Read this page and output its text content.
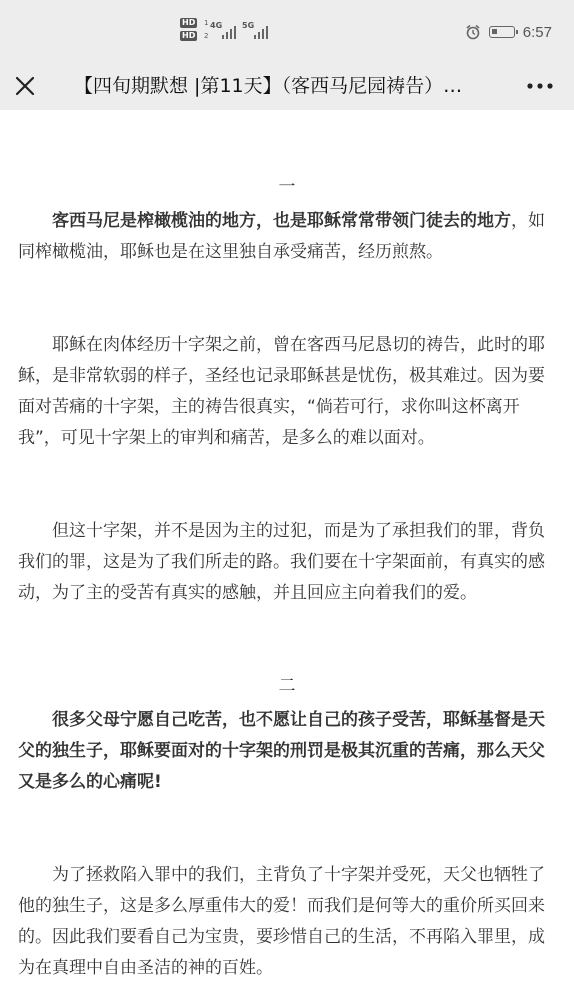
HD 1
HD 2
4G 5G	6:57
【四旬期默想 |第11天】（客西马尼园祷告）…

一

客西马尼是榨橄榄油的地方，也是耶稣常常带领门徒去的地方，如同榨橄榄油，耶稣也是在这里独自承受痛苦，经历煎熬。

耶稣在肉体经历十字架之前，曾在客西马尼恳切的祷告，此时的耶稣，是非常软弱的样子，圣经也记录耶稣甚是忧伤，极其难过。因为要面对苦痛的十字架，主的祷告很真实，“倘若可行，求你叫这杯离开我”，可见十字架上的审判和痛苦，是多么的难以面对。

但这十字架，并不是因为主的过犯，而是为了承担我们的罪，背负我们的罪，这是为了我们所走的路。我们要在十字架面前，有真实的感动，为了主的受苦有真实的感触，并且回应主向着我们的爱。

二

很多父母宁愿自己吃苦，也不愿让自己的孩子受苦，耶稣基督是天父的独生子，耶稣要面对的十字架的刑罚是极其沉重的苦痛，那么天父又是多么的心痛呢!

为了拯救陷入罪中的我们，主背负了十字架并受死，天父也牺牲了他的独生子，这是多么厚重伟大的爱！而我们是何等大的重价所买回来的。因此我们要看自己为宝贵，要珍惜自己的生活，不再陷入罪里，成为在真理中自由圣洁的神的百姓。
